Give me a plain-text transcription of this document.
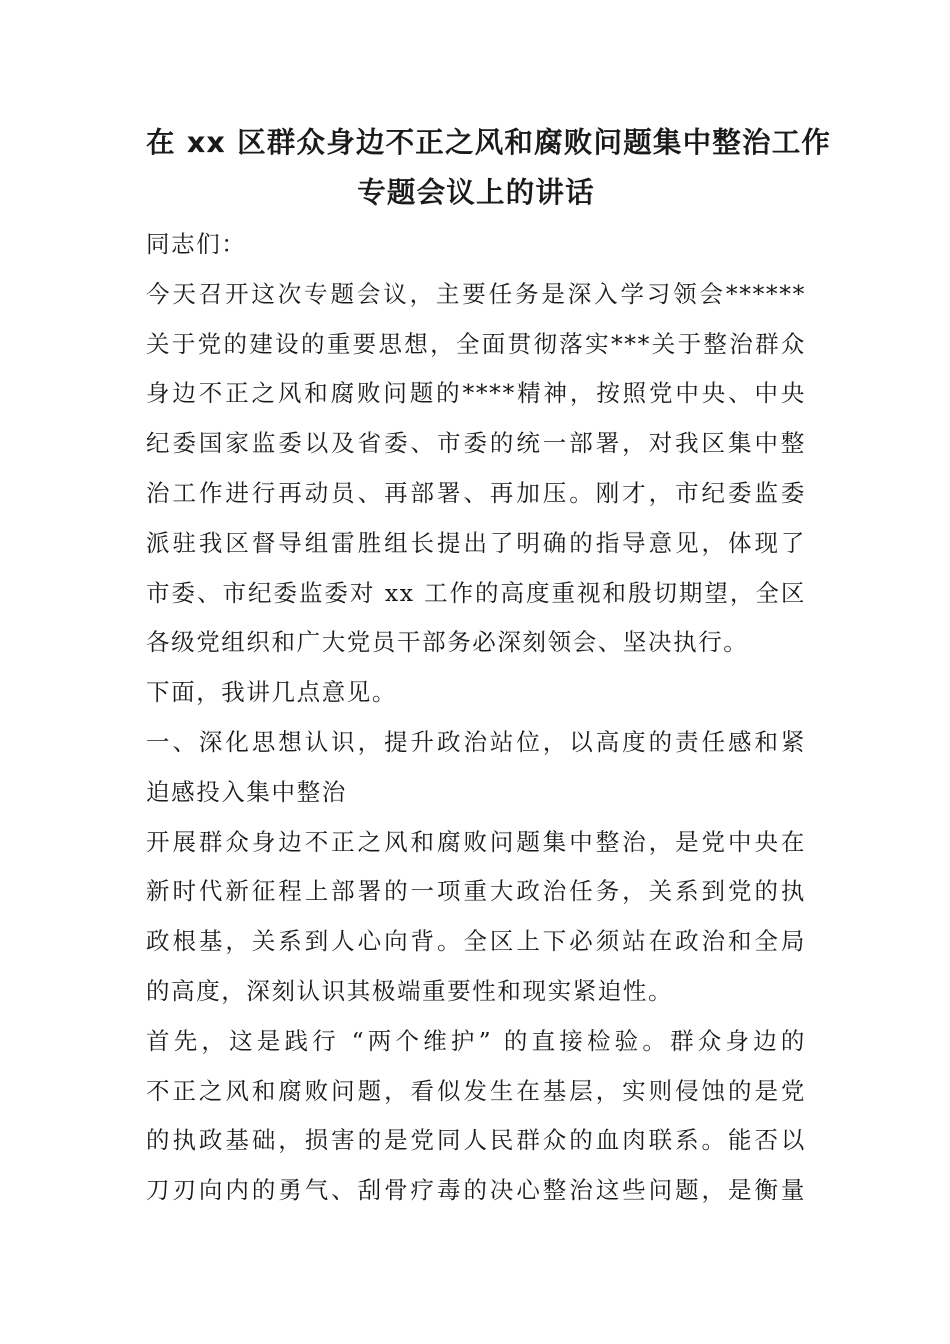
在 xx 区群众身边不正之风和腐败问题集中整治工作
专题会议上的讲话
同志们：
今天召开这次专题会议，主要任务是深入学习领会******
关于党的建设的重要思想，全面贯彻落实***关于整治群众
身边不正之风和腐败问题的****精神，按照党中央、中央
纪委国家监委以及省委、市委的统一部署，对我区集中整
治工作进行再动员、再部署、再加压。刚才，市纪委监委
派驻我区督导组雷胜组长提出了明确的指导意见，体现了
市委、市纪委监委对 xx 工作的高度重视和殷切期望，全区
各级党组织和广大党员干部务必深刻领会、坚决执行。
下面，我讲几点意见。
一、深化思想认识，提升政治站位，以高度的责任感和紧
迫感投入集中整治
开展群众身边不正之风和腐败问题集中整治，是党中央在
新时代新征程上部署的一项重大政治任务，关系到党的执
政根基，关系到人心向背。全区上下必须站在政治和全局
的高度，深刻认识其极端重要性和现实紧迫性。
首先，这是践行 “两个维护” 的直接检验。群众身边的
不正之风和腐败问题，看似发生在基层，实则侵蚀的是党
的执政基础，损害的是党同人民群众的血肉联系。能否以
刀刃向内的勇气、刮骨疗毒的决心整治这些问题，是衡量
